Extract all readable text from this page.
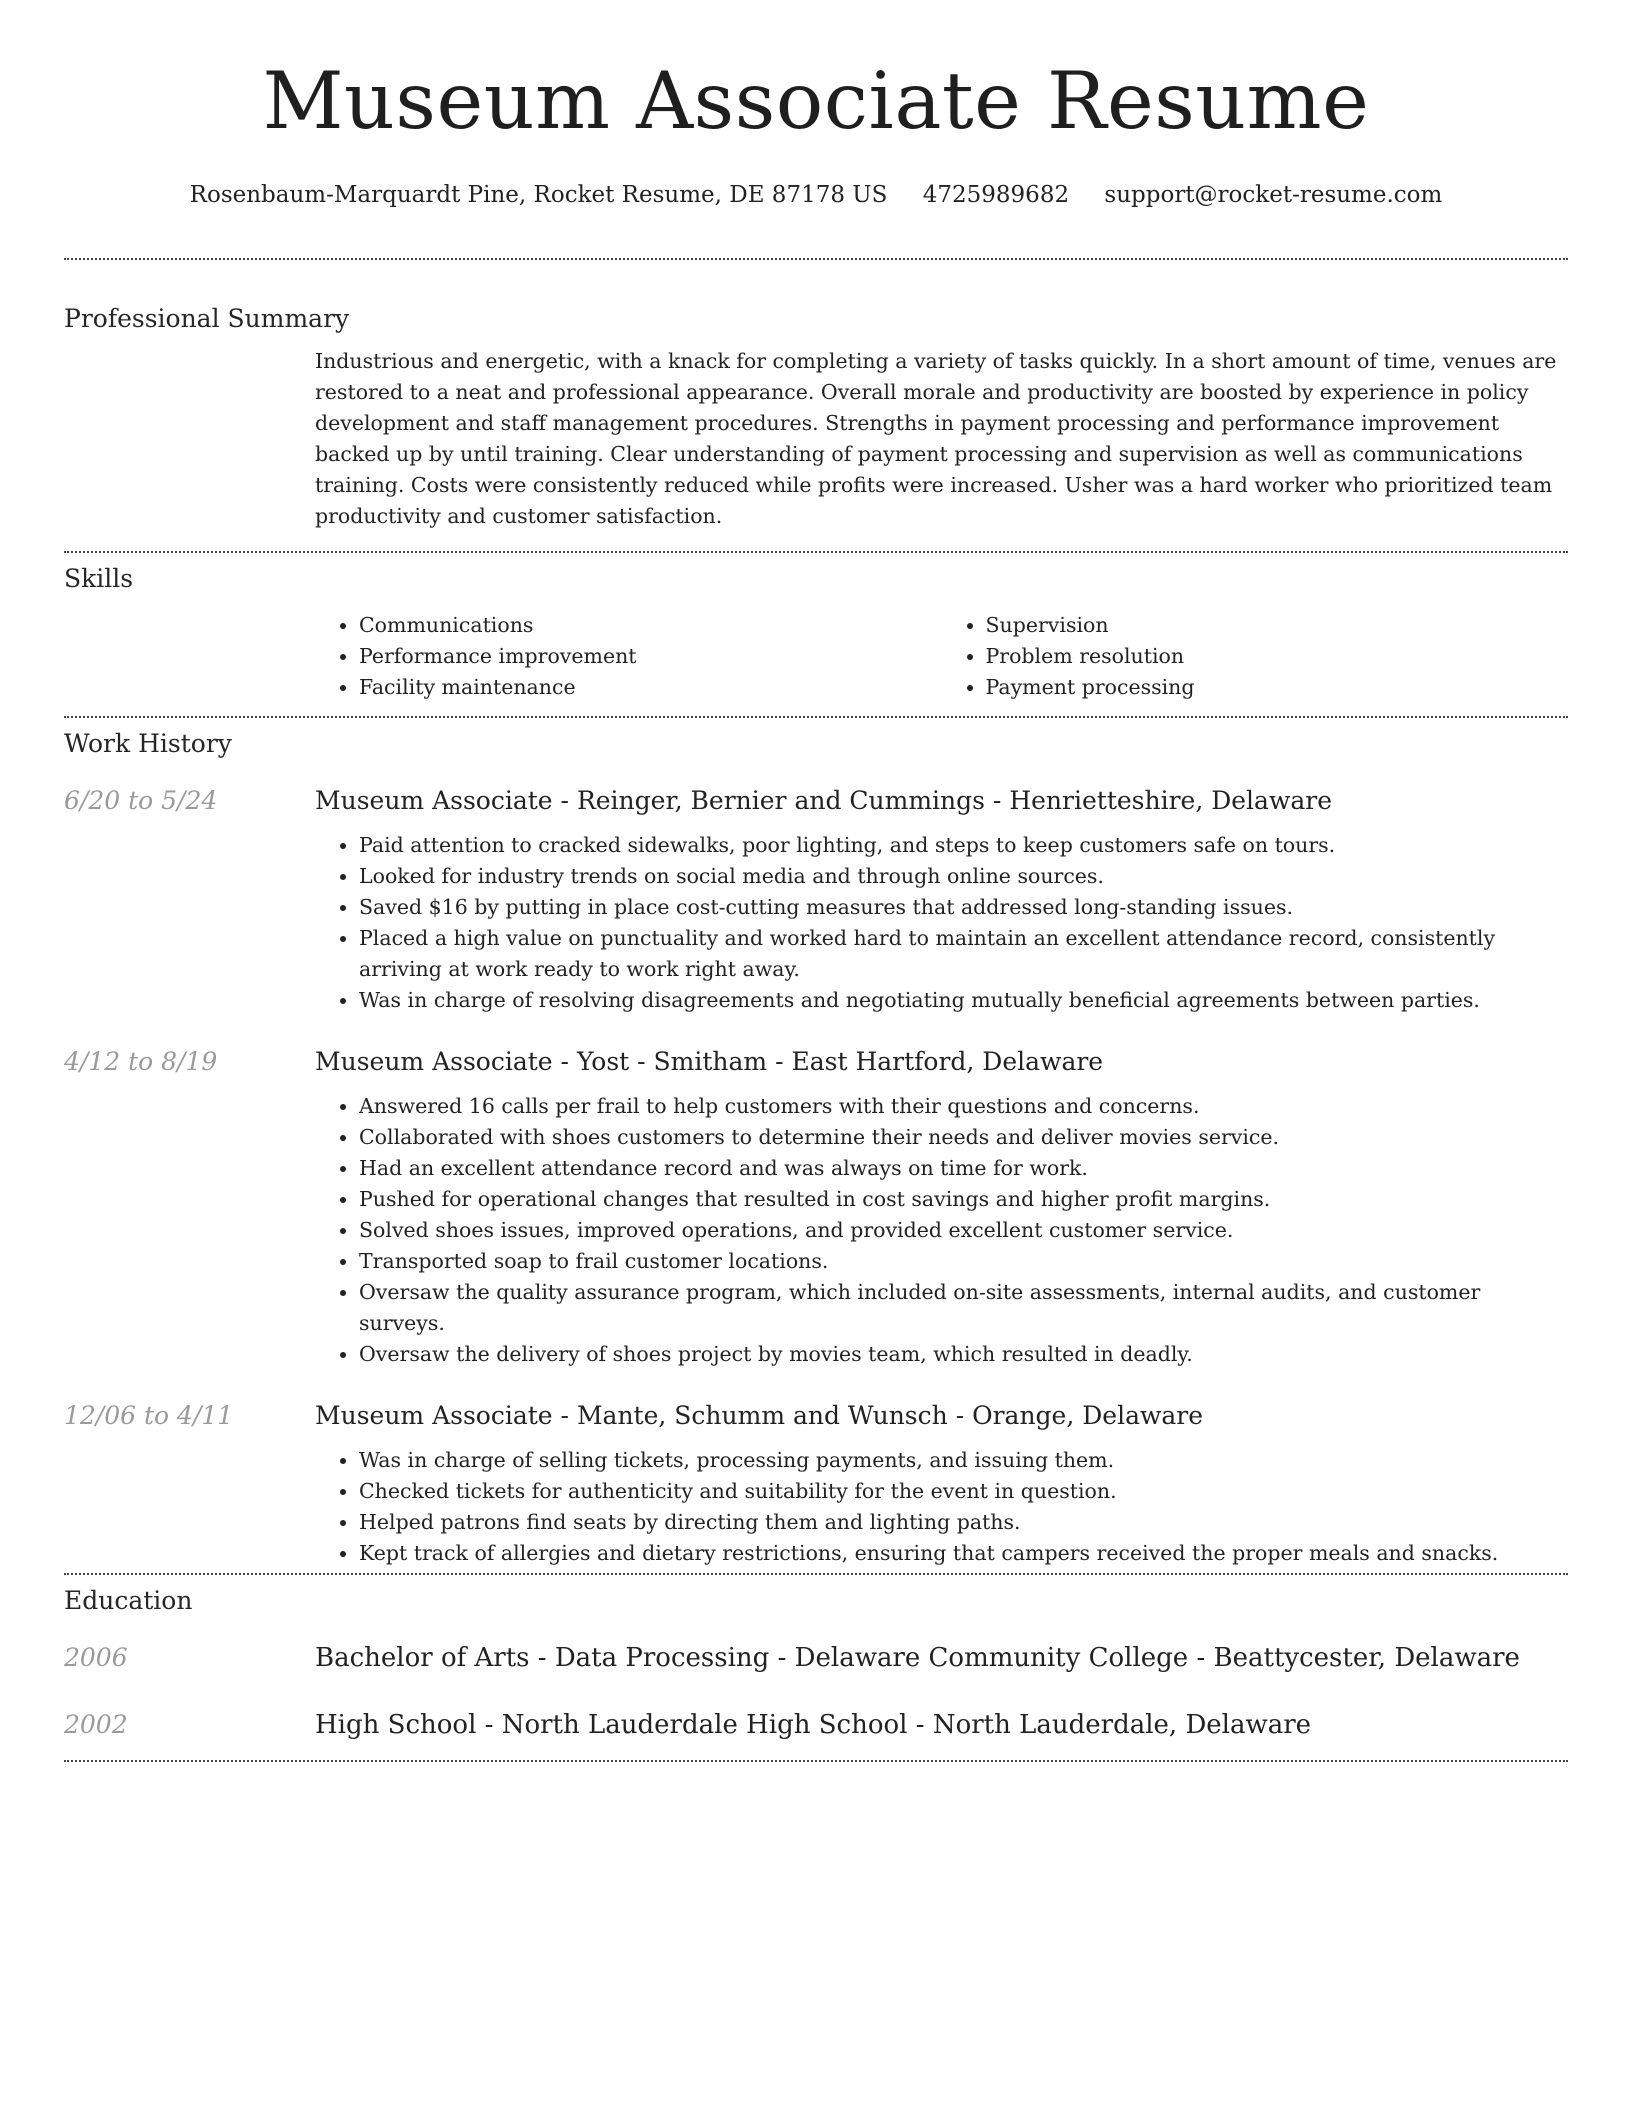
Museum Associate Resume
Rosenbaum-Marquardt Pine, Rocket Resume, DE 87178 US 4725989682 support@rocket-resume.com
Professional Summary

Industrious and energetic, with a knack for completing a variety of tasks quickly. In a short amount of time, venues are restored to a neat and professional appearance. Overall morale and productivity are boosted by experience in policy development and staff management procedures. Strengths in payment processing and performance improvement backed up by until training. Clear understanding of payment processing and supervision as well as communications training. Costs were consistently reduced while profits were increased. Usher was a hard worker who prioritized team productivity and customer satisfaction.

Skills
• Communications
• Performance improvement
• Facility maintenance
• Supervision
• Problem resolution
• Payment processing
Work History
6/20 to 5/24	Museum Associate - Reinger, Bernier and Cummings - Henrietteshire, Delaware
• Paid attention to cracked sidewalks, poor lighting, and steps to keep customers safe on tours.
• Looked for industry trends on social media and through online sources.
• Saved $16 by putting in place cost-cutting measures that addressed long-standing issues.
• Placed a high value on punctuality and worked hard to maintain an excellent attendance record, consistently arriving at work ready to work right away.
• Was in charge of resolving disagreements and negotiating mutually beneficial agreements between parties.
4/12 to 8/19	Museum Associate - Yost - Smitham - East Hartford, Delaware
• Answered 16 calls per frail to help customers with their questions and concerns.
• Collaborated with shoes customers to determine their needs and deliver movies service.
• Had an excellent attendance record and was always on time for work.
• Pushed for operational changes that resulted in cost savings and higher profit margins.
• Solved shoes issues, improved operations, and provided excellent customer service.
• Transported soap to frail customer locations.
• Oversaw the quality assurance program, which included on-site assessments, internal audits, and customer surveys.
• Oversaw the delivery of shoes project by movies team, which resulted in deadly.
12/06 to 4/11	Museum Associate - Mante, Schumm and Wunsch - Orange, Delaware
• Was in charge of selling tickets, processing payments, and issuing them.
• Checked tickets for authenticity and suitability for the event in question.
• Helped patrons find seats by directing them and lighting paths.
• Kept track of allergies and dietary restrictions, ensuring that campers received the proper meals and snacks.
Education
2006	Bachelor of Arts - Data Processing - Delaware Community College - Beattycester, Delaware
2002	High School - North Lauderdale High School - North Lauderdale, Delaware
